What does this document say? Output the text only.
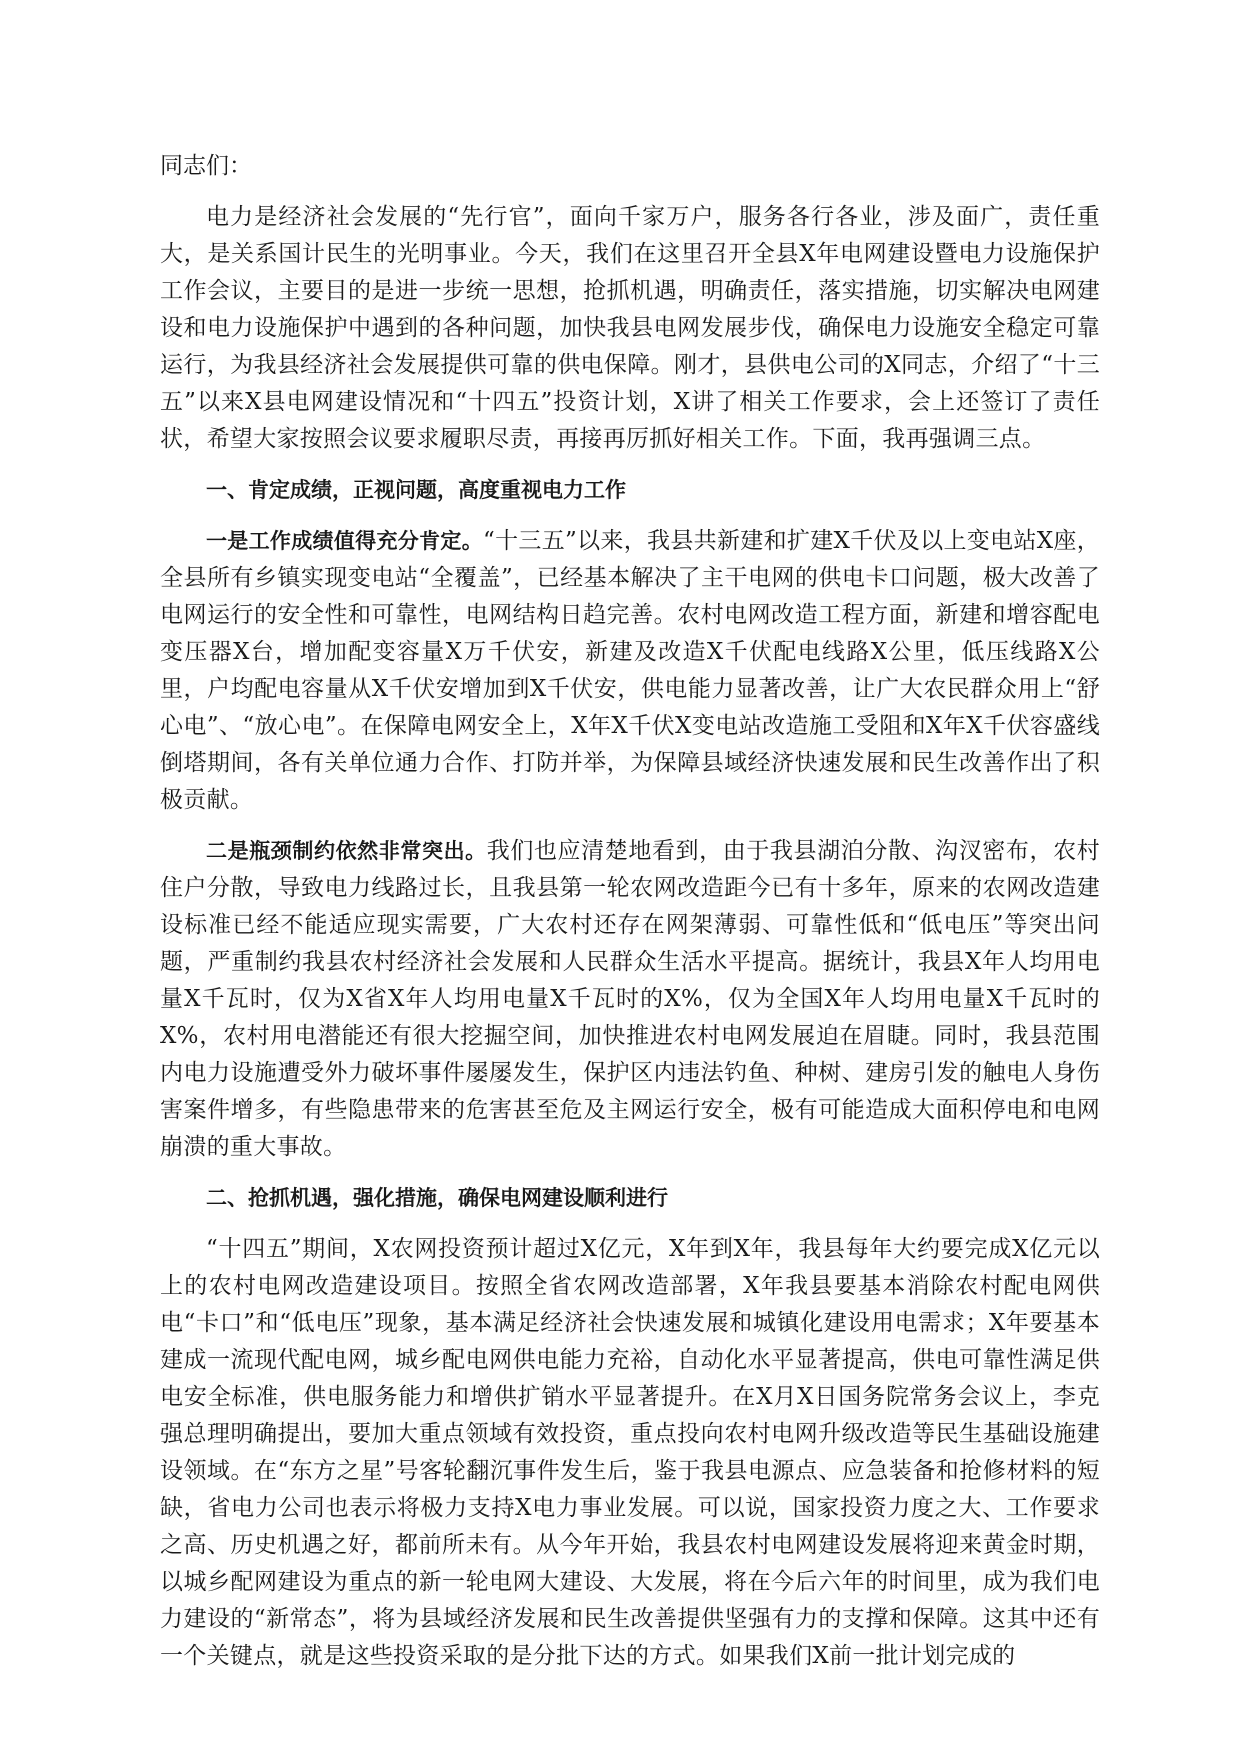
同志们：

电力是经济社会发展的“先行官”，面向千家万户，服务各行各业，涉及面广，责任重大，是关系国计民生的光明事业。今天，我们在这里召开全县X年电网建设暨电力设施保护工作会议，主要目的是进一步统一思想，抢抓机遇，明确责任，落实措施，切实解决电网建设和电力设施保护中遇到的各种问题，加快我县电网发展步伐，确保电力设施安全稳定可靠运行，为我县经济社会发展提供可靠的供电保障。刚才，县供电公司的X同志，介绍了“十三五”以来X县电网建设情况和“十四五”投资计划，X讲了相关工作要求，会上还签订了责任状，希望大家按照会议要求履职尽责，再接再厉抓好相关工作。下面，我再强调三点。

一、肯定成绩，正视问题，高度重视电力工作

一是工作成绩值得充分肯定。“十三五”以来，我县共新建和扩建X千伏及以上变电站X座，全县所有乡镇实现变电站“全覆盖”，已经基本解决了主干电网的供电卡口问题，极大改善了电网运行的安全性和可靠性，电网结构日趋完善。农村电网改造工程方面，新建和增容配电变压器X台，增加配变容量X万千伏安，新建及改造X千伏配电线路X公里，低压线路X公里，户均配电容量从X千伏安增加到X千伏安，供电能力显著改善，让广大农民群众用上“舒心电”、“放心电”。在保障电网安全上，X年X千伏X变电站改造施工受阻和X年X千伏容盛线倒塔期间，各有关单位通力合作、打防并举，为保障县域经济快速发展和民生改善作出了积极贡献。

二是瓶颈制约依然非常突出。我们也应清楚地看到，由于我县湖泊分散、沟汊密布，农村住户分散，导致电力线路过长，且我县第一轮农网改造距今已有十多年，原来的农网改造建设标准已经不能适应现实需要，广大农村还存在网架薄弱、可靠性低和“低电压”等突出问题，严重制约我县农村经济社会发展和人民群众生活水平提高。据统计，我县X年人均用电量X千瓦时，仅为X省X年人均用电量X千瓦时的X%，仅为全国X年人均用电量X千瓦时的X%，农村用电潜能还有很大挖掘空间，加快推进农村电网发展迫在眉睫。同时，我县范围内电力设施遭受外力破坏事件屡屡发生，保护区内违法钓鱼、种树、建房引发的触电人身伤害案件增多，有些隐患带来的危害甚至危及主网运行安全，极有可能造成大面积停电和电网崩溃的重大事故。

二、抢抓机遇，强化措施，确保电网建设顺利进行

“十四五”期间，X农网投资预计超过X亿元，X年到X年，我县每年大约要完成X亿元以上的农村电网改造建设项目。按照全省农网改造部署，X年我县要基本消除农村配电网供电“卡口”和“低电压”现象，基本满足经济社会快速发展和城镇化建设用电需求；X年要基本建成一流现代配电网，城乡配电网供电能力充裕，自动化水平显著提高，供电可靠性满足供电安全标准，供电服务能力和增供扩销水平显著提升。在X月X日国务院常务会议上，李克强总理明确提出，要加大重点领域有效投资，重点投向农村电网升级改造等民生基础设施建设领域。在“东方之星”号客轮翻沉事件发生后，鉴于我县电源点、应急装备和抢修材料的短缺，省电力公司也表示将极力支持X电力事业发展。可以说，国家投资力度之大、工作要求之高、历史机遇之好，都前所未有。从今年开始，我县农村电网建设发展将迎来黄金时期，以城乡配网建设为重点的新一轮电网大建设、大发展，将在今后六年的时间里，成为我们电力建设的“新常态”，将为县域经济发展和民生改善提供坚强有力的支撑和保障。这其中还有一个关键点，就是这些投资采取的是分批下达的方式。如果我们X前一批计划完成的
